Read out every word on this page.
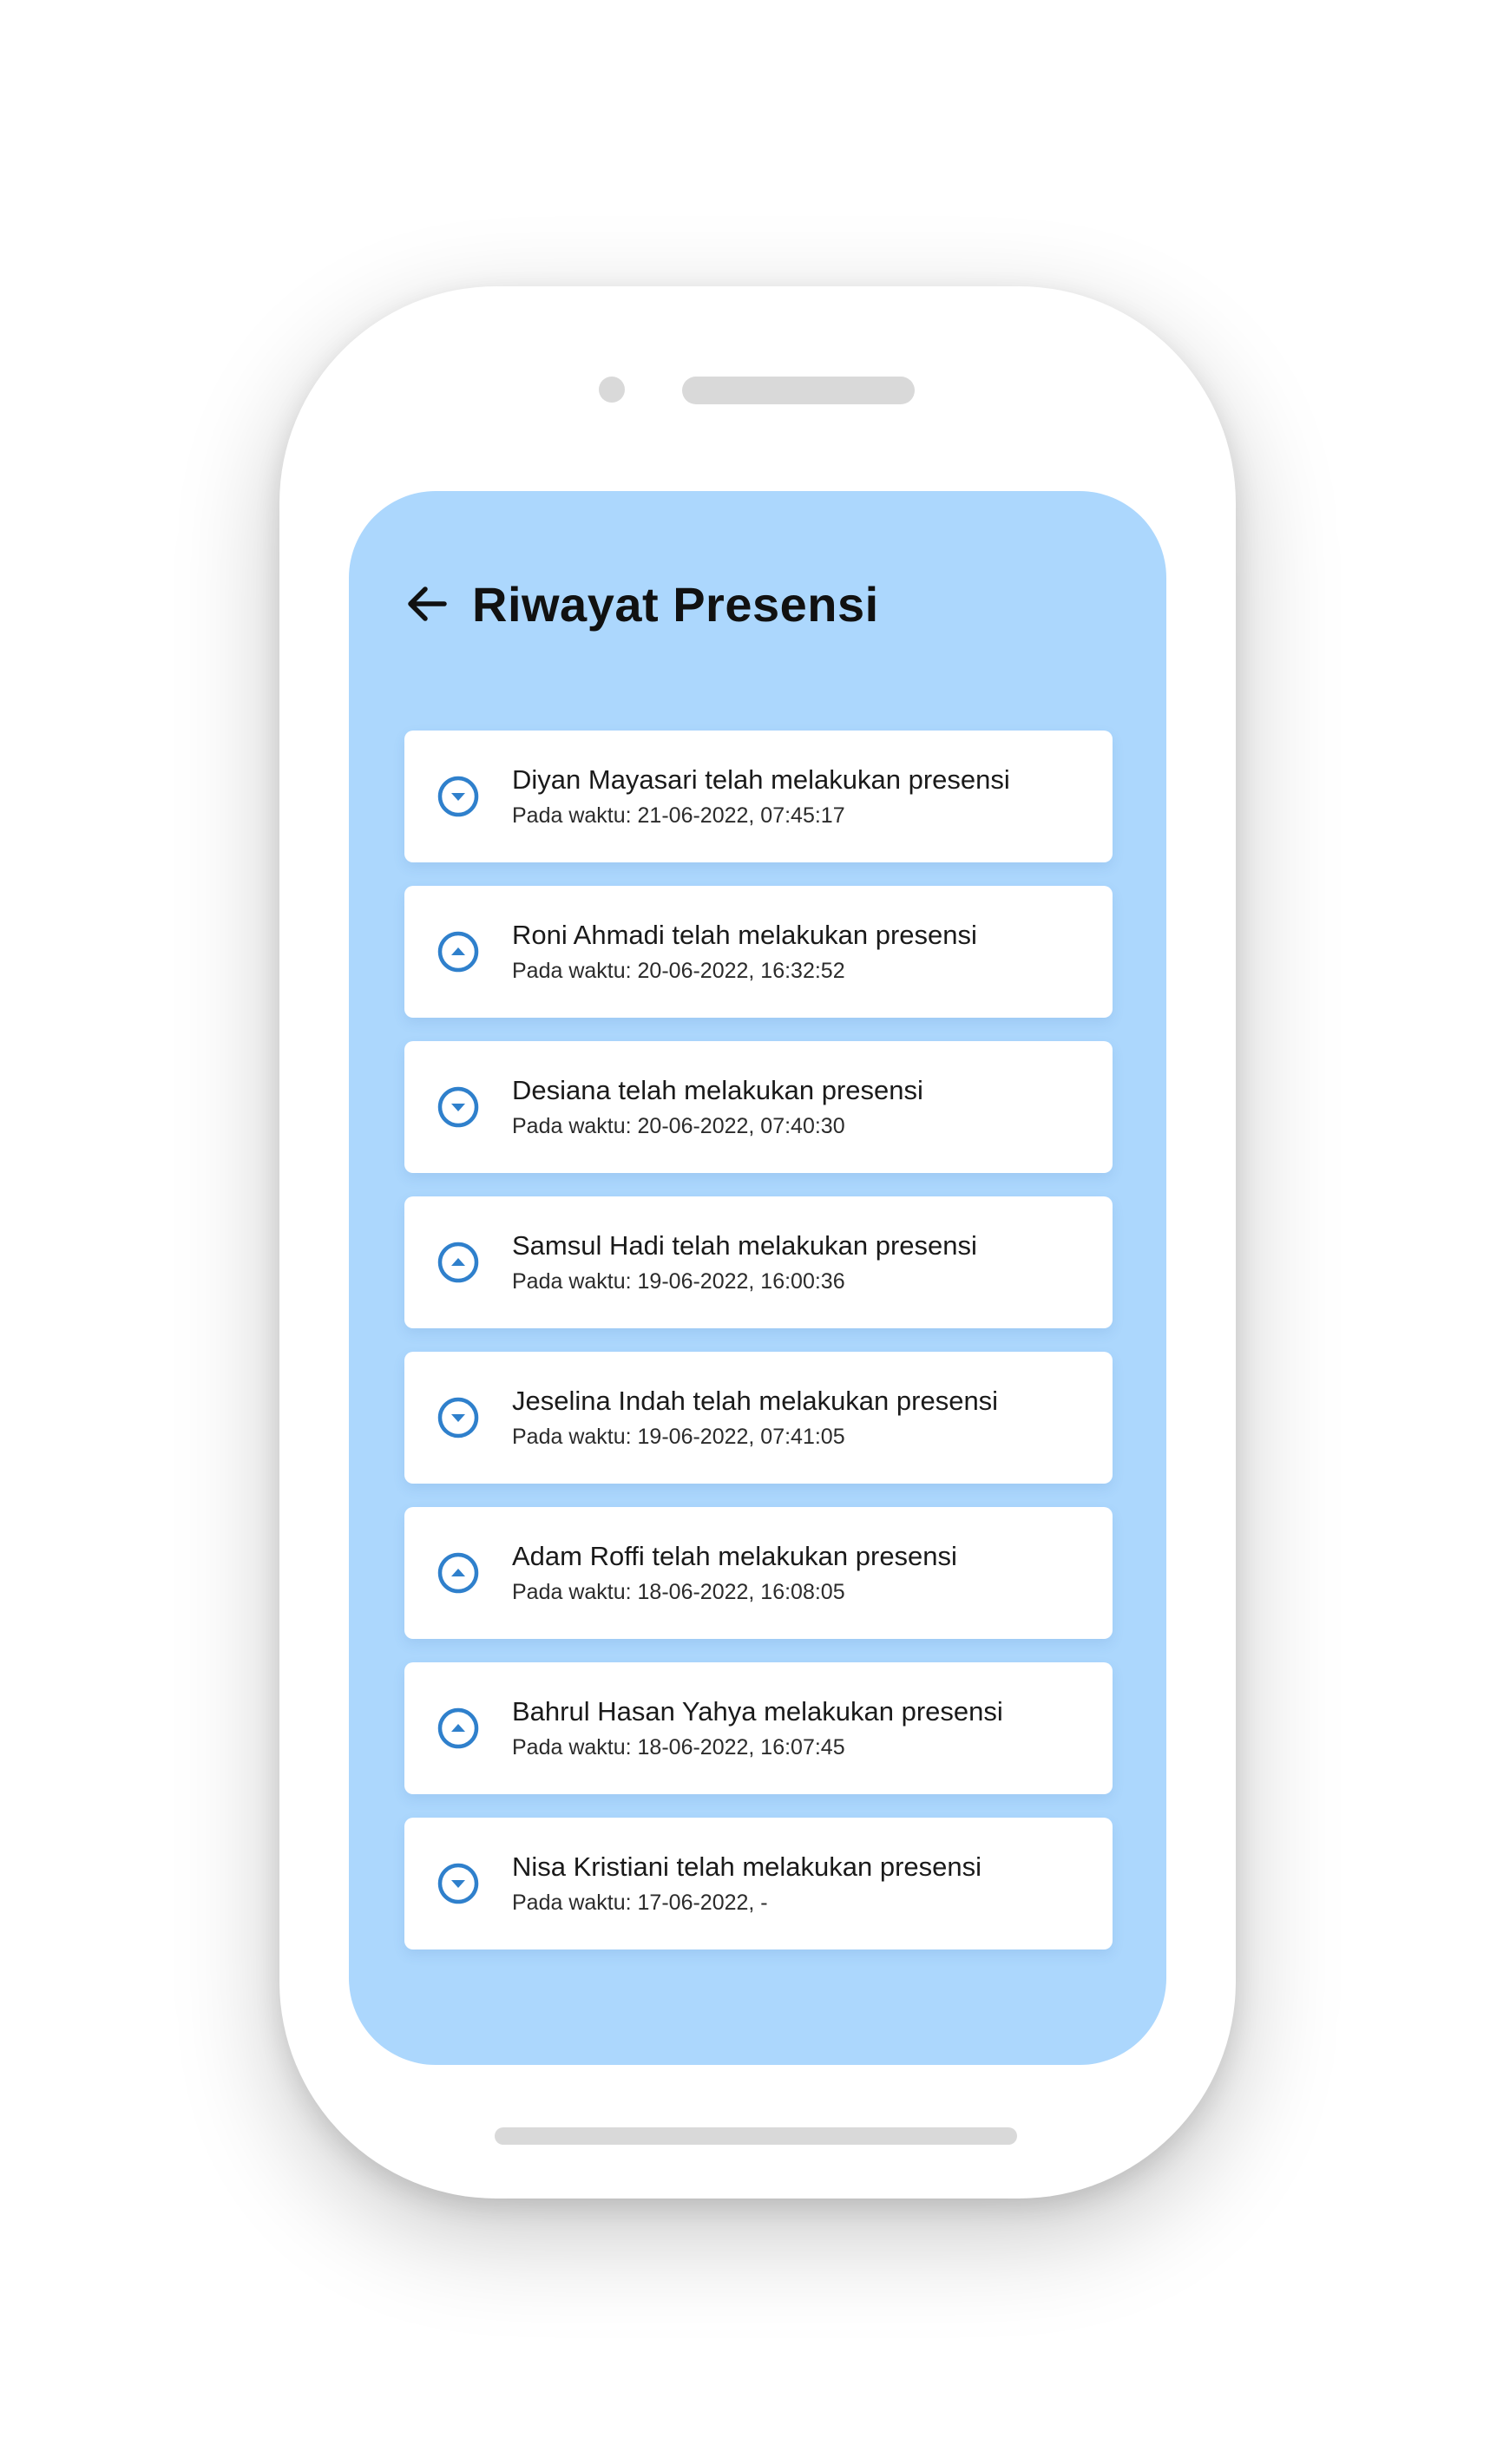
Riwayat Presensi
Diyan Mayasari telah melakukan presensi
Pada waktu: 21-06-2022, 07:45:17
Roni Ahmadi telah melakukan presensi
Pada waktu: 20-06-2022, 16:32:52
Desiana telah melakukan presensi
Pada waktu: 20-06-2022, 07:40:30
Samsul Hadi telah melakukan presensi
Pada waktu: 19-06-2022, 16:00:36
Jeselina Indah telah melakukan presensi
Pada waktu: 19-06-2022, 07:41:05
Adam Roffi telah melakukan presensi
Pada waktu: 18-06-2022, 16:08:05
Bahrul Hasan Yahya melakukan presensi
Pada waktu: 18-06-2022, 16:07:45
Nisa Kristiani telah melakukan presensi
Pada waktu: 17-06-2022, -
